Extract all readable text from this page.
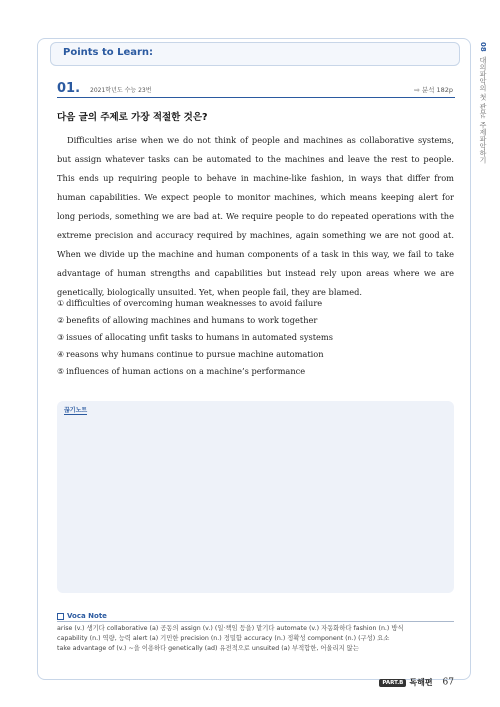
Points to Learn:
08  대의파악의 첫 관문: 주제파악하기
01. 2021학년도 수능 23번	⇨ 분석 182p
다음 글의 주제로 가장 적절한 것은?

Difficulties arise when we do not think of people and machines as collaborative systems, but assign whatever tasks can be automated to the machines and leave the rest to people. This ends up requiring people to behave in machine-like fashion, in ways that differ from human capabilities. We expect people to monitor machines, which means keeping alert for long periods, something we are bad at. We require people to do repeated operations with the extreme precision and accuracy required by machines, again something we are not good at. When we divide up the machine and human components of a task in this way, we fail to take advantage of human strengths and capabilities but instead rely upon areas where we are genetically, biologically unsuited. Yet, when people fail, they are blamed.

① difficulties of overcoming human weaknesses to avoid failure
② benefits of allowing machines and humans to work together
③ issues of allocating unfit tasks to humans in automated systems
④ reasons why humans continue to pursue machine automation
⑤ influences of human actions on a machine’s performance
끊기노트
Voca Note
arise (v.) 생기다 collaborative (a) 공동의 assign (v.) (일·책임 등을) 맡기다 automate (v.) 자동화하다 fashion (n.) 방식
capability (n.) 역량, 능력 alert (a) 기민한 precision (n.) 정밀함 accuracy (n.) 정확성 component (n.) (구성) 요소
take advantage of (v.) ~을 이용하다 genetically (ad) 유전적으로 unsuited (a) 부적합한, 어울리지 않는
PART.B 독해편 67
